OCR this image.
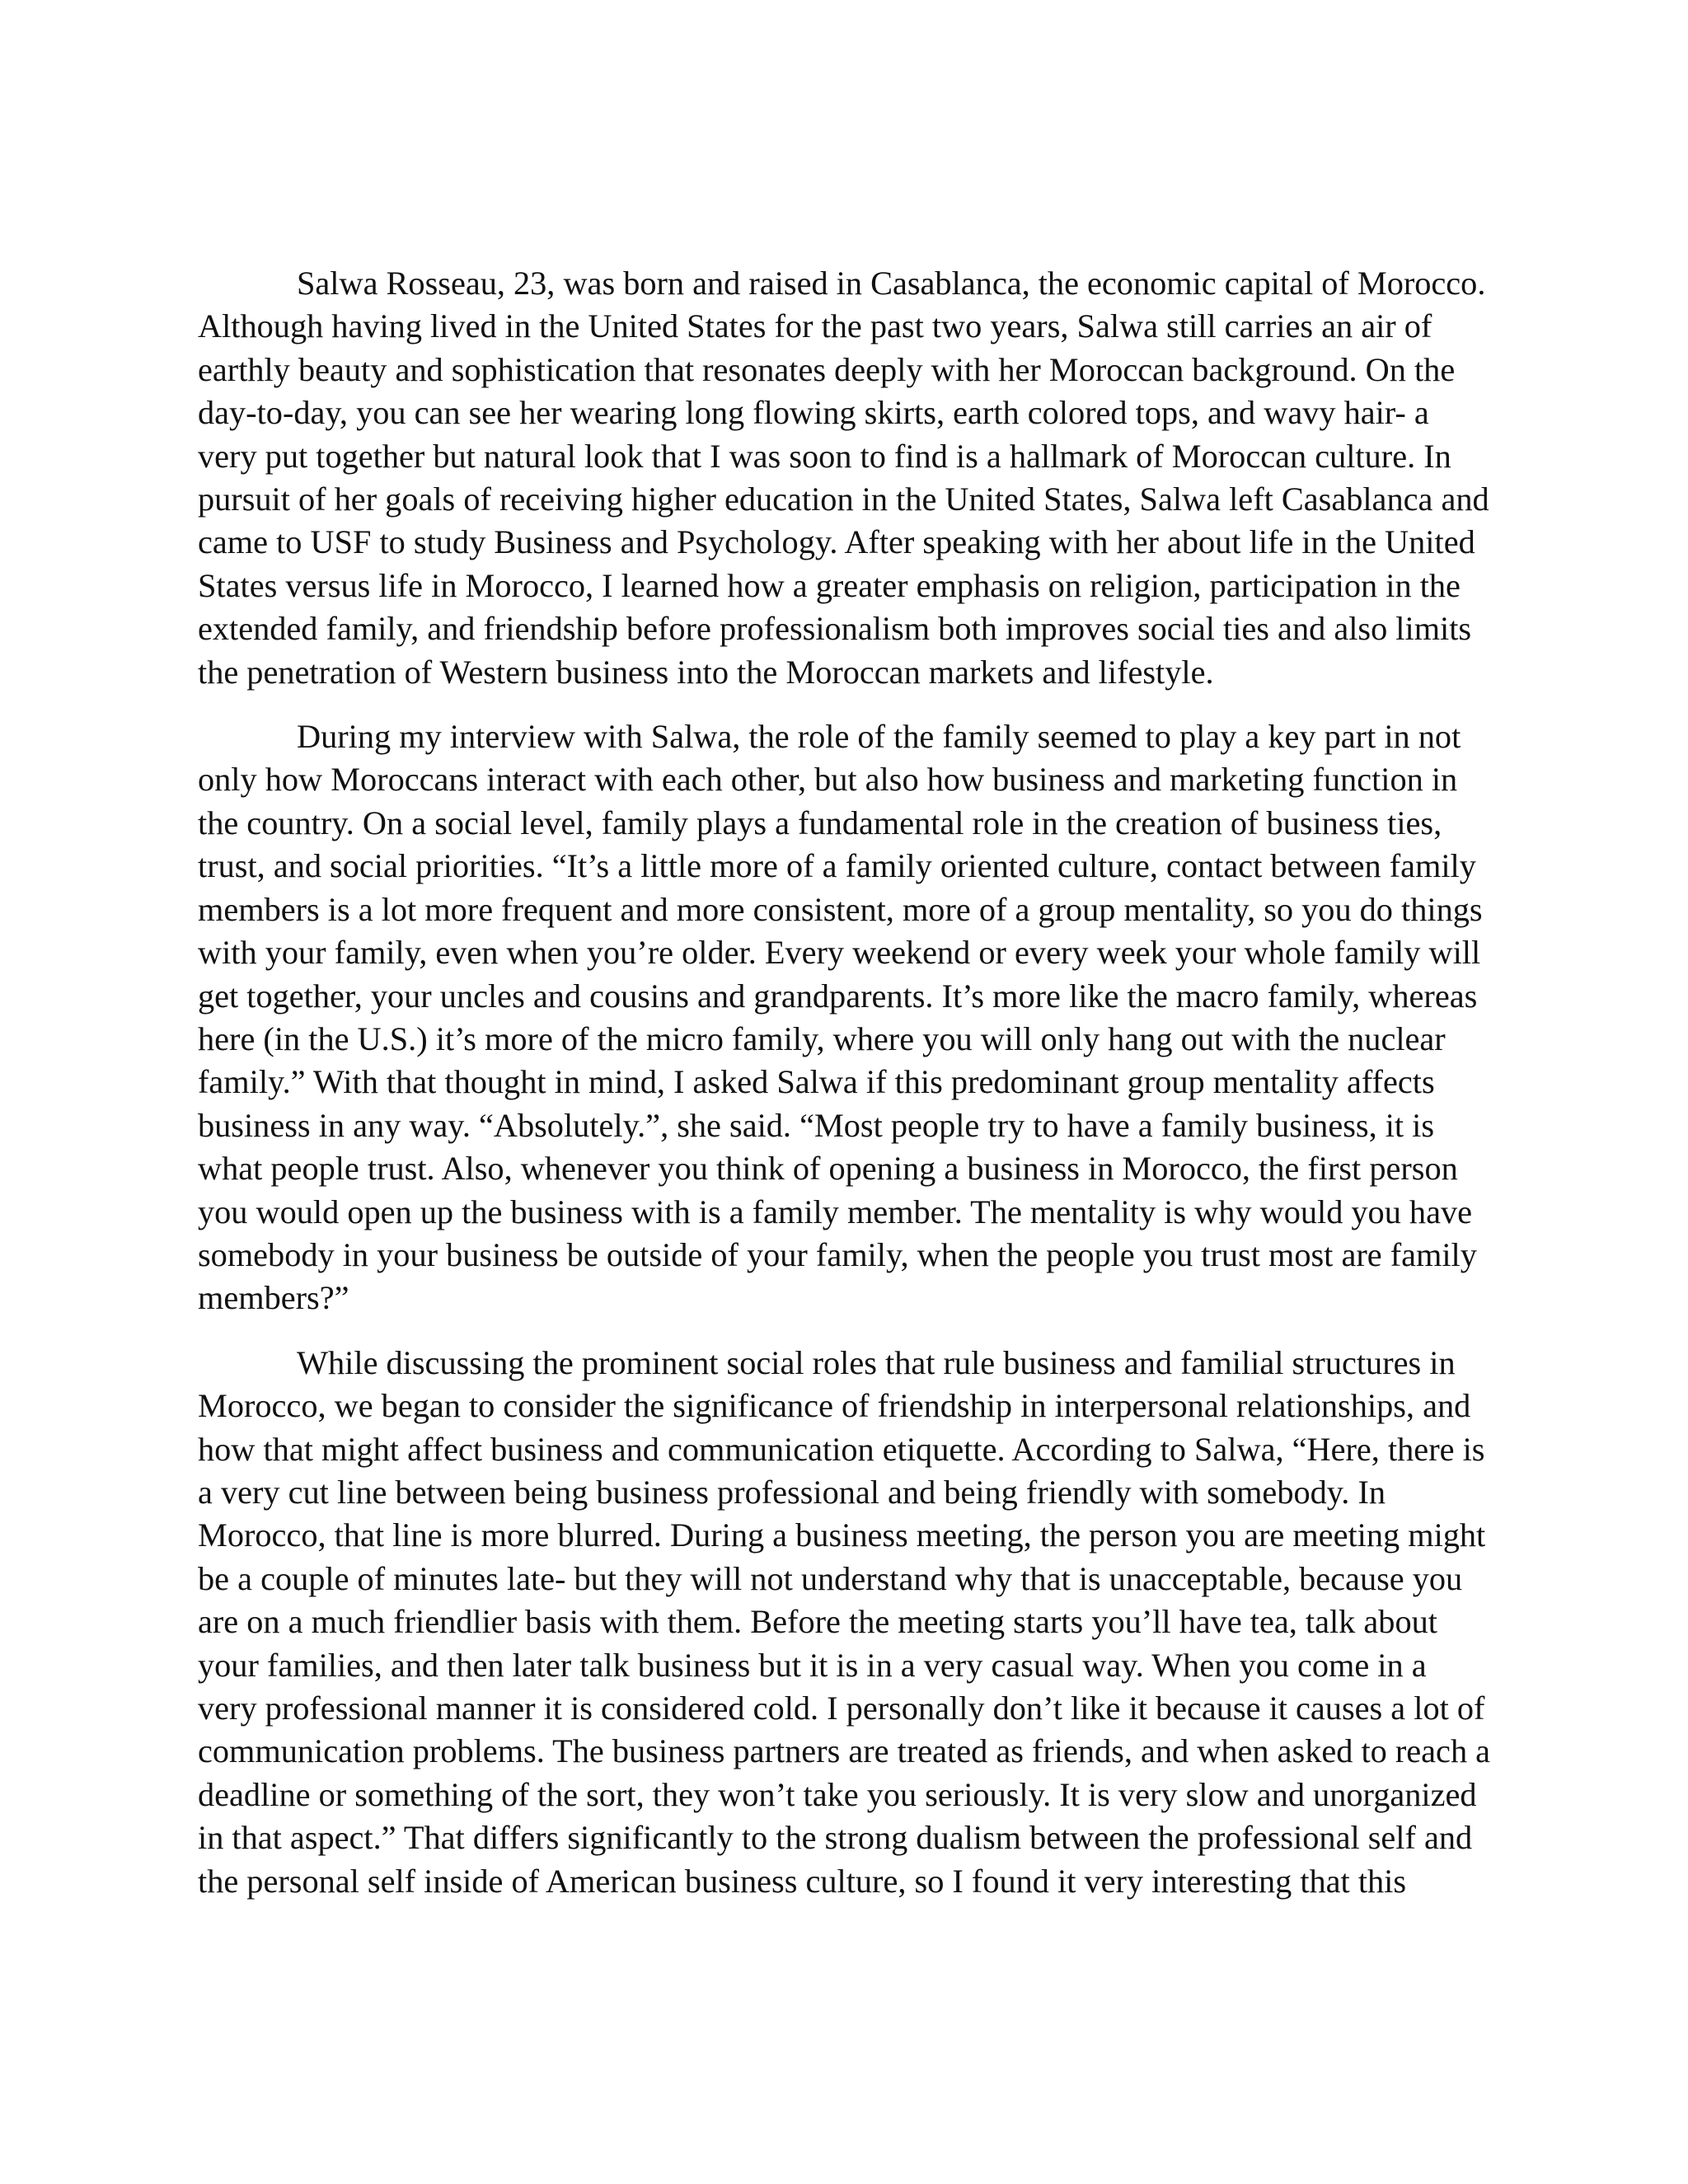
Salwa Rosseau, 23, was born and raised in Casablanca, the economic capital of Morocco.
Although having lived in the United States for the past two years, Salwa still carries an air of
earthly beauty and sophistication that resonates deeply with her Moroccan background. On the
day-to-day, you can see her wearing long flowing skirts, earth colored tops, and wavy hair- a
very put together but natural look that I was soon to find is a hallmark of Moroccan culture. In
pursuit of her goals of receiving higher education in the United States, Salwa left Casablanca and
came to USF to study Business and Psychology. After speaking with her about life in the United
States versus life in Morocco, I learned how a greater emphasis on religion, participation in the
extended family, and friendship before professionalism both improves social ties and also limits
the penetration of Western business into the Moroccan markets and lifestyle.

During my interview with Salwa, the role of the family seemed to play a key part in not
only how Moroccans interact with each other, but also how business and marketing function in
the country. On a social level, family plays a fundamental role in the creation of business ties,
trust, and social priorities. “It’s a little more of a family oriented culture, contact between family
members is a lot more frequent and more consistent, more of a group mentality, so you do things
with your family, even when you’re older. Every weekend or every week your whole family will
get together, your uncles and cousins and grandparents. It’s more like the macro family, whereas
here (in the U.S.) it’s more of the micro family, where you will only hang out with the nuclear
family.” With that thought in mind, I asked Salwa if this predominant group mentality affects
business in any way. “Absolutely.”, she said. “Most people try to have a family business, it is
what people trust. Also, whenever you think of opening a business in Morocco, the first person
you would open up the business with is a family member. The mentality is why would you have
somebody in your business be outside of your family, when the people you trust most are family
members?”

While discussing the prominent social roles that rule business and familial structures in
Morocco, we began to consider the significance of friendship in interpersonal relationships, and
how that might affect business and communication etiquette. According to Salwa, “Here, there is
a very cut line between being business professional and being friendly with somebody. In
Morocco, that line is more blurred. During a business meeting, the person you are meeting might
be a couple of minutes late- but they will not understand why that is unacceptable, because you
are on a much friendlier basis with them. Before the meeting starts you’ll have tea, talk about
your families, and then later talk business but it is in a very casual way. When you come in a
very professional manner it is considered cold. I personally don’t like it because it causes a lot of
communication problems. The business partners are treated as friends, and when asked to reach a
deadline or something of the sort, they won’t take you seriously. It is very slow and unorganized
in that aspect.” That differs significantly to the strong dualism between the professional self and
the personal self inside of American business culture, so I found it very interesting that this
